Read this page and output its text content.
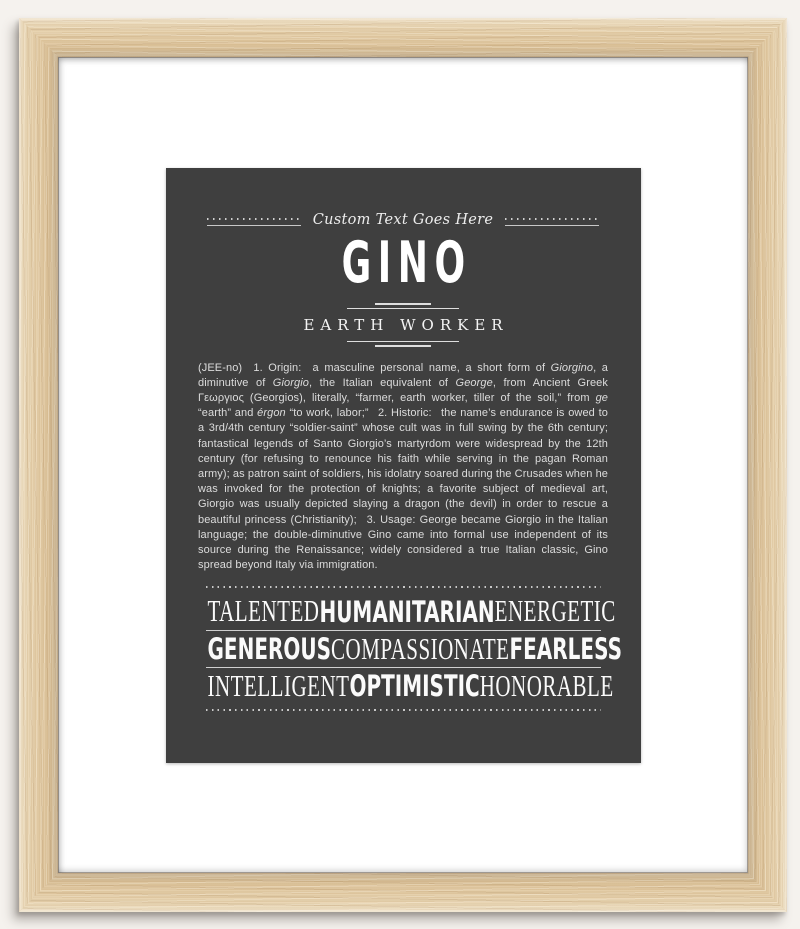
Custom Text Goes Here
GINO
EARTH WORKER

(JEE-no)  1. Origin:  a masculine personal name, a short form of Giorgino, a diminutive of Giorgio, the Italian equivalent of George, from Ancient Greek Γεωργιος (Georgios), literally, “farmer, earth worker, tiller of the soil,” from ge “earth” and érgon “to work, labor;”  2. Historic:  the name’s endurance is owed to a 3rd/4th century “soldier-saint” whose cult was in full swing by the 6th century; fantastical legends of Santo Giorgio’s martyrdom were widespread by the 12th century (for refusing to renounce his faith while serving in the pagan Roman army); as patron saint of soldiers, his idolatry soared during the Crusades when he was invoked for the protection of knights; a favorite subject of medieval art, Giorgio was usually depicted slaying a dragon (the devil) in order to rescue a beautiful princess (Christianity);  3. Usage: George became Giorgio in the Italian language; the double-diminutive Gino came into formal use independent of its source during the Renaissance; widely considered a true Italian classic, Gino spread beyond Italy via immigration.

TALENTED HUMANITARIAN ENERGETIC
GENEROUS COMPASSIONATE FEARLESS
INTELLIGENT OPTIMISTIC HONORABLE
